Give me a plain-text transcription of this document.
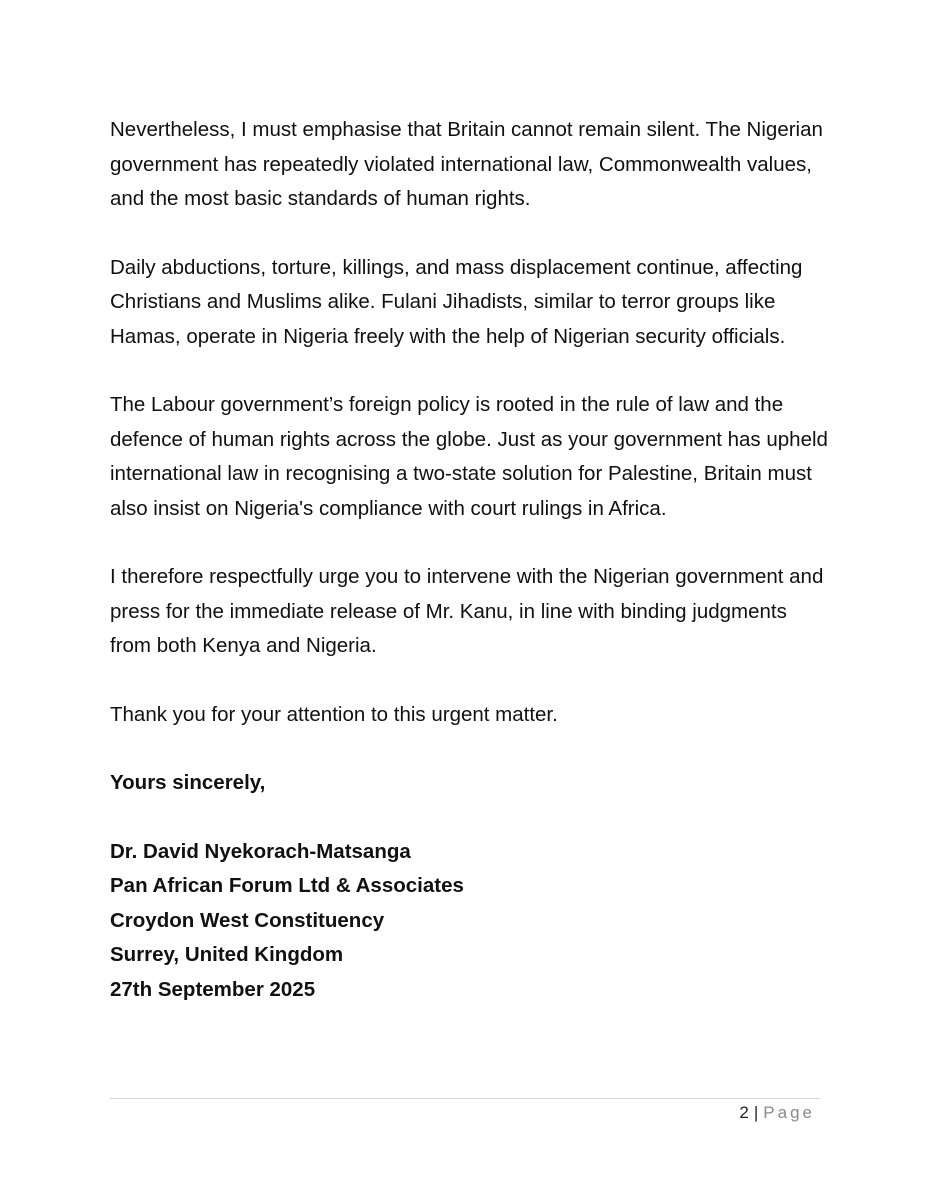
Nevertheless, I must emphasise that Britain cannot remain silent. The Nigerian government has repeatedly violated international law, Commonwealth values, and the most basic standards of human rights.

Daily abductions, torture, killings, and mass displacement continue, affecting Christians and Muslims alike. Fulani Jihadists, similar to terror groups like Hamas, operate in Nigeria freely with the help of Nigerian security officials.

The Labour government’s foreign policy is rooted in the rule of law and the defence of human rights across the globe. Just as your government has upheld international law in recognising a two-state solution for Palestine, Britain must also insist on Nigeria's compliance with court rulings in Africa.

I therefore respectfully urge you to intervene with the Nigerian government and press for the immediate release of Mr. Kanu, in line with binding judgments from both Kenya and Nigeria.

Thank you for your attention to this urgent matter.

Yours sincerely,

Dr. David Nyekorach-Matsanga
Pan African Forum Ltd & Associates
Croydon West Constituency
Surrey, United Kingdom
27th September 2025

2 | Page
